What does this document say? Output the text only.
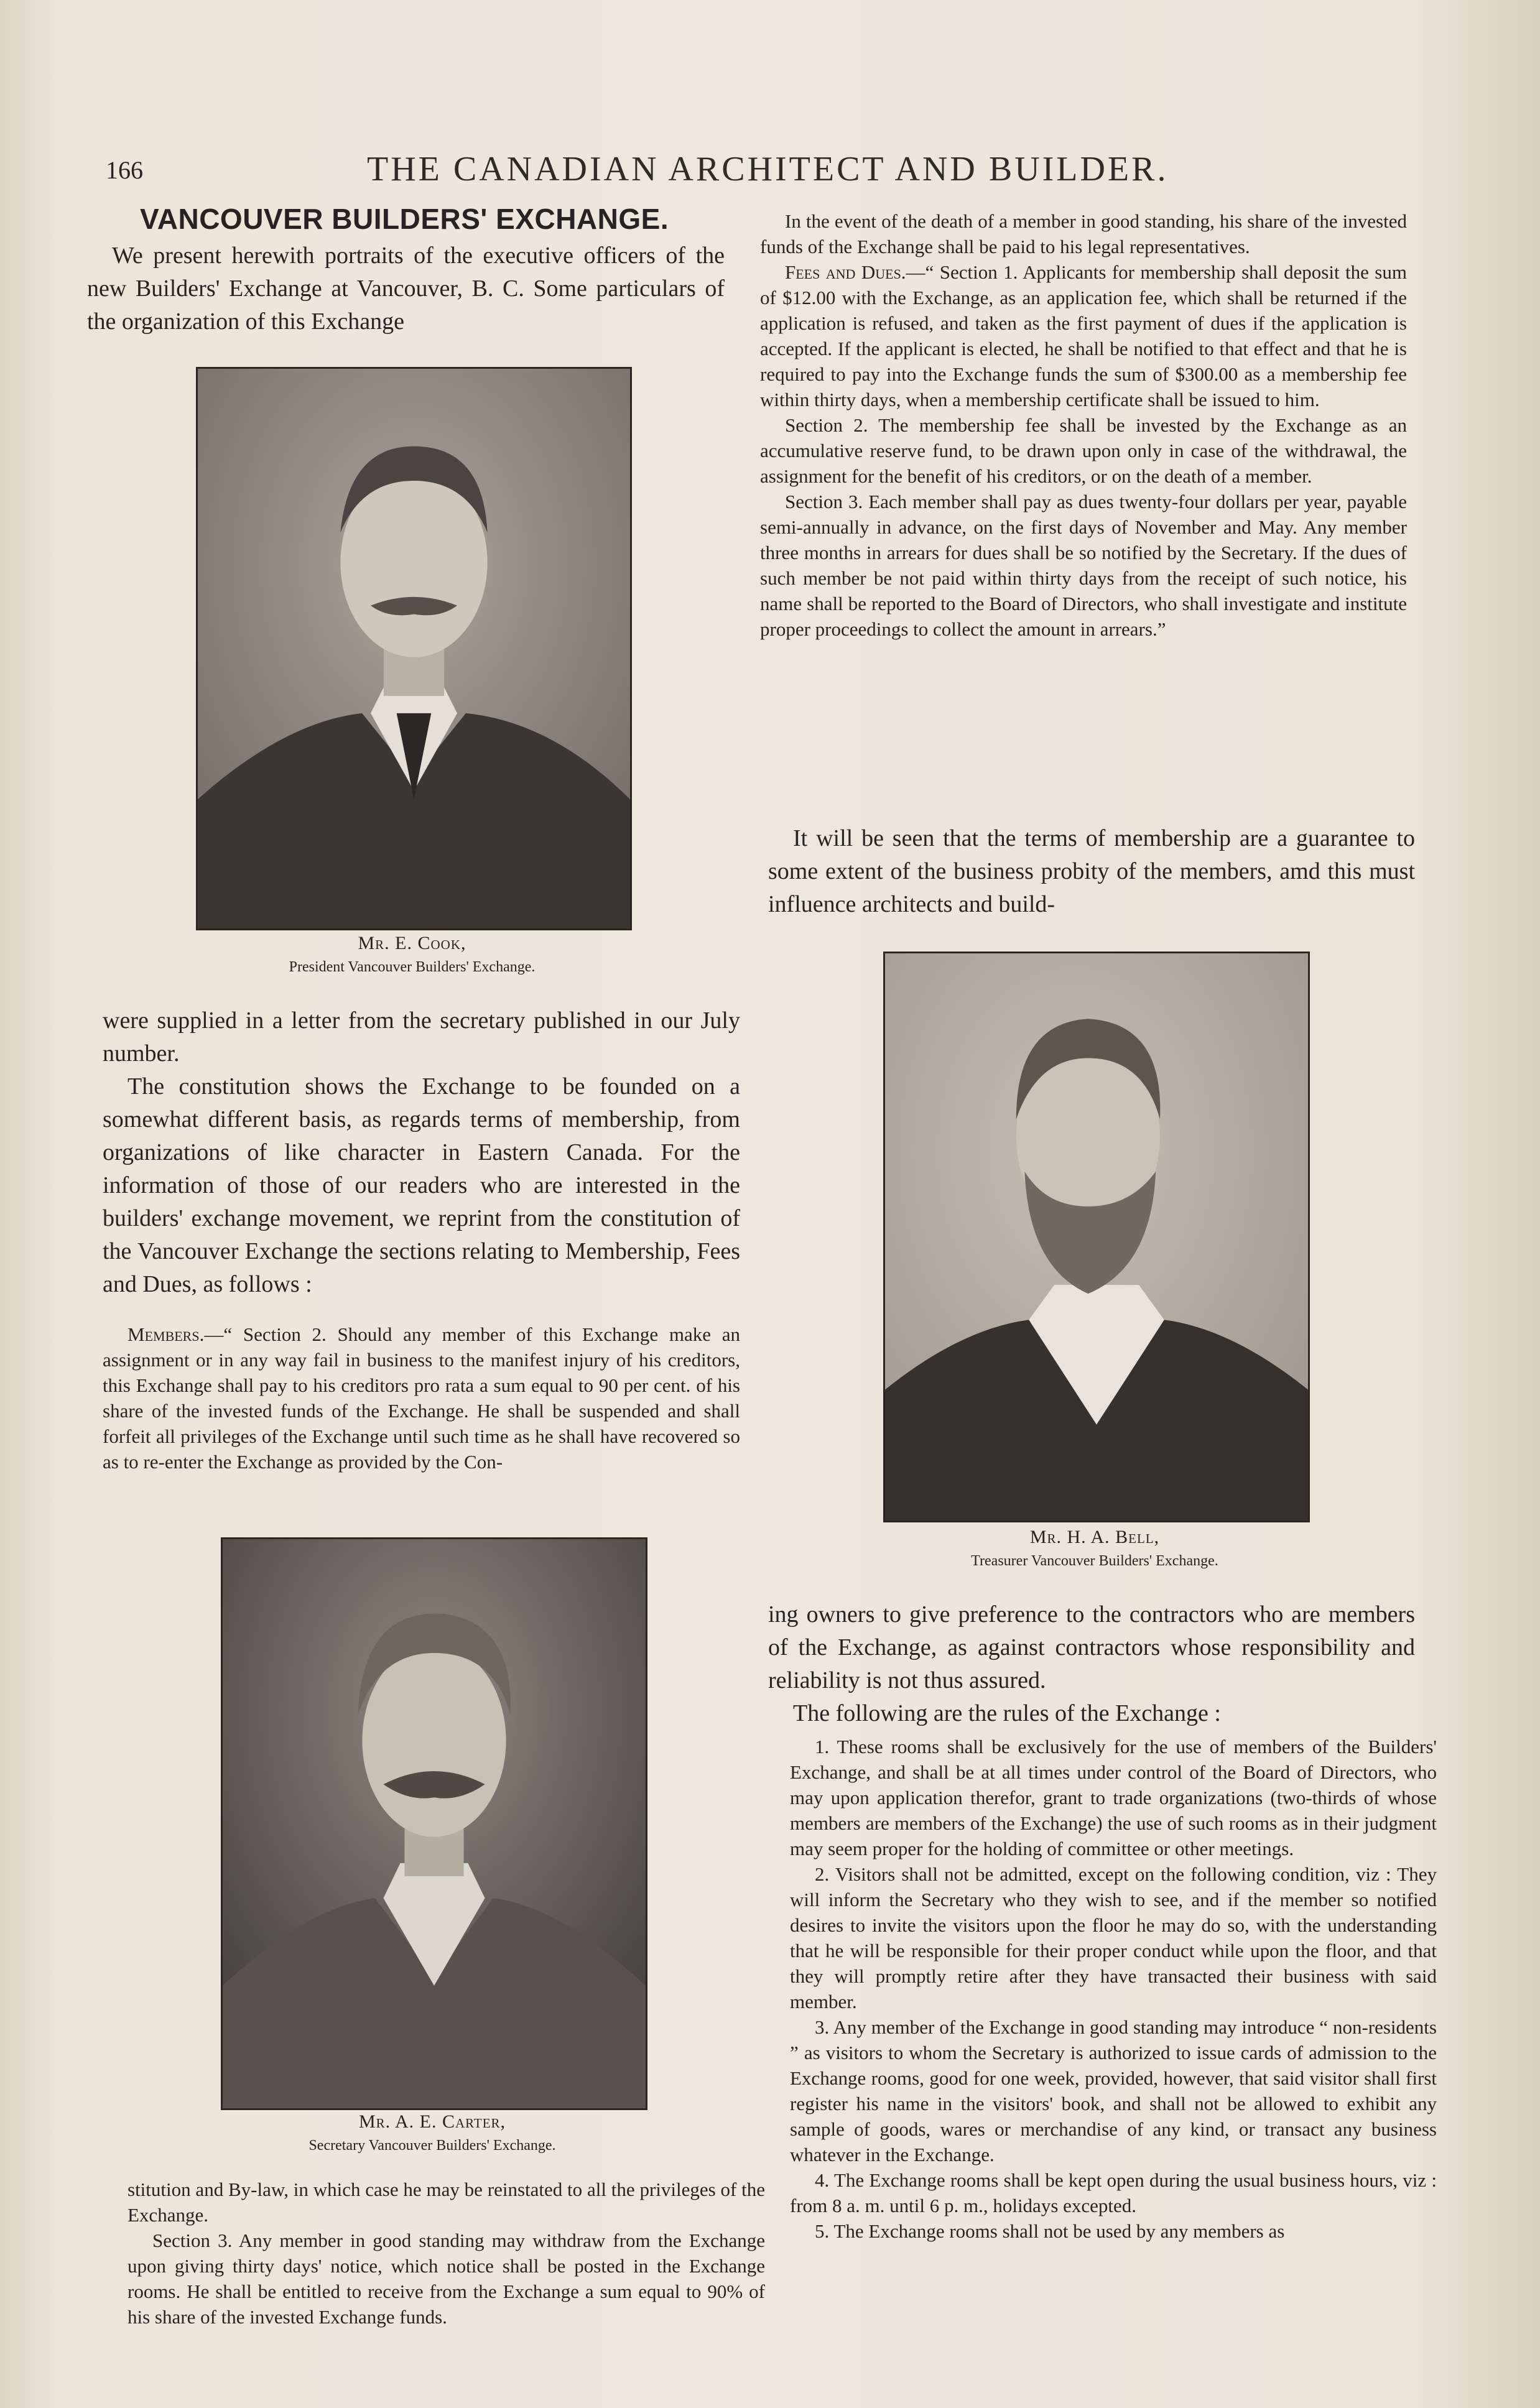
166	THE CANADIAN ARCHITECT AND BUILDER.
VANCOUVER BUILDERS' EXCHANGE.

We present herewith portraits of the executive officers of the new Builders' Exchange at Vancouver, B. C. Some particulars of the organization of this Exchange

Mr. E. Cook,
President Vancouver Builders' Exchange.

were supplied in a letter from the secretary published in our July number.

The constitution shows the Exchange to be founded on a somewhat different basis, as regards terms of membership, from organizations of like character in Eastern Canada. For the information of those of our readers who are interested in the builders' exchange movement, we reprint from the constitution of the Vancouver Exchange the sections relating to Membership, Fees and Dues, as follows :

Members.—“ Section 2. Should any member of this Exchange make an assignment or in any way fail in business to the manifest injury of his creditors, this Exchange shall pay to his creditors pro rata a sum equal to 90 per cent. of his share of the invested funds of the Exchange. He shall be suspended and shall forfeit all privileges of the Exchange until such time as he shall have recovered so as to re-enter the Exchange as provided by the Con-

Mr. A. E. Carter,
Secretary Vancouver Builders' Exchange.

stitution and By-law, in which case he may be reinstated to all the privileges of the Exchange.

Section 3. Any member in good standing may withdraw from the Exchange upon giving thirty days' notice, which notice shall be posted in the Exchange rooms. He shall be entitled to receive from the Exchange a sum equal to 90% of his share of the invested Exchange funds.

In the event of the death of a member in good standing, his share of the invested funds of the Exchange shall be paid to his legal representatives.

Fees and Dues.—“ Section 1. Applicants for membership shall deposit the sum of $12.00 with the Exchange, as an application fee, which shall be returned if the application is refused, and taken as the first payment of dues if the application is accepted. If the applicant is elected, he shall be notified to that effect and that he is required to pay into the Exchange funds the sum of $300.00 as a membership fee within thirty days, when a membership certificate shall be issued to him.

Section 2. The membership fee shall be invested by the Exchange as an accumulative reserve fund, to be drawn upon only in case of the withdrawal, the assignment for the benefit of his creditors, or on the death of a member.

Section 3. Each member shall pay as dues twenty-four dollars per year, payable semi-annually in advance, on the first days of November and May. Any member three months in arrears for dues shall be so notified by the Secretary. If the dues of such member be not paid within thirty days from the receipt of such notice, his name shall be reported to the Board of Directors, who shall investigate and institute proper proceedings to collect the amount in arrears.”

It will be seen that the terms of membership are a guarantee to some extent of the business probity of the members, amd this must influence architects and build-

Mr. H. A. Bell,
Treasurer Vancouver Builders' Exchange.

ing owners to give preference to the contractors who are members of the Exchange, as against contractors whose responsibility and reliability is not thus assured.

The following are the rules of the Exchange :

1. These rooms shall be exclusively for the use of members of the Builders' Exchange, and shall be at all times under control of the Board of Directors, who may upon application therefor, grant to trade organizations (two-thirds of whose members are members of the Exchange) the use of such rooms as in their judgment may seem proper for the holding of committee or other meetings.

2. Visitors shall not be admitted, except on the following condition, viz : They will inform the Secretary who they wish to see, and if the member so notified desires to invite the visitors upon the floor he may do so, with the understanding that he will be responsible for their proper conduct while upon the floor, and that they will promptly retire after they have transacted their business with said member.

3. Any member of the Exchange in good standing may introduce “ non-residents ” as visitors to whom the Secretary is authorized to issue cards of admission to the Exchange rooms, good for one week, provided, however, that said visitor shall first register his name in the visitors' book, and shall not be allowed to exhibit any sample of goods, wares or merchandise of any kind, or transact any business whatever in the Exchange.

4. The Exchange rooms shall be kept open during the usual business hours, viz : from 8 a. m. until 6 p. m., holidays excepted.

5. The Exchange rooms shall not be used by any members as
